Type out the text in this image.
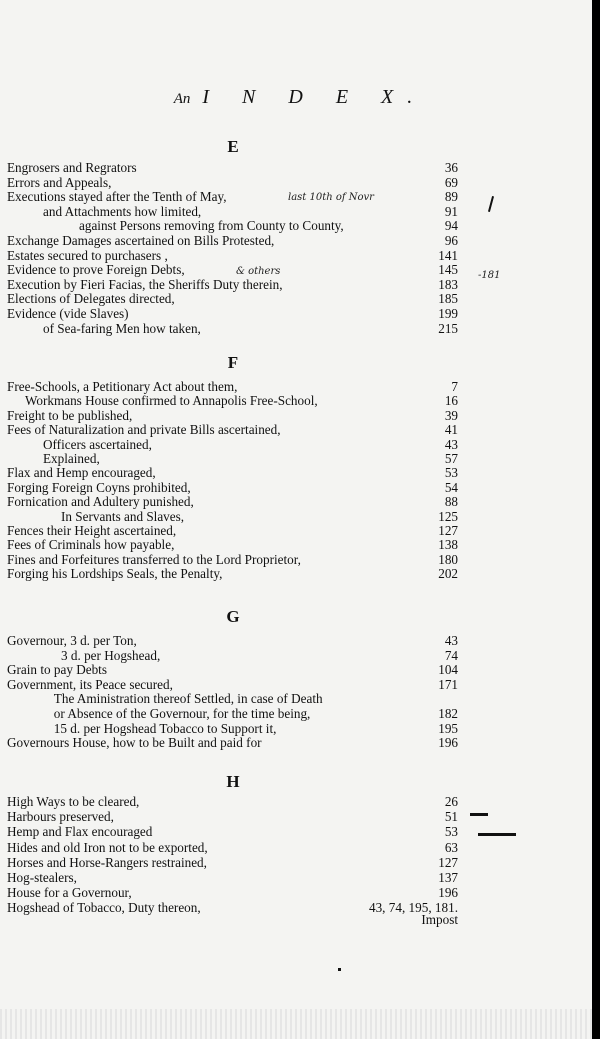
An I N D E X.
E
Engrosers and Regrators	36
Errors and Appeals,	69
Executions stayed after the Tenth of May,	89
and Attachments how limited,	91
against Persons removing from County to County,	94
Exchange Damages ascertained on Bills Protested,	96
Estates secured to purchasers ,	141
Evidence to prove Foreign Debts,	145
Execution by Fieri Facias, the Sheriffs Duty therein,	183
Elections of Delegates directed,	185
Evidence (vide Slaves)	199
of Sea-faring Men how taken,	215
F
Free-Schools, a Petitionary Act about them,	7
Workmans House confirmed to Annapolis Free-School,	16
Freight to be published,	39
Fees of Naturalization and private Bills ascertained,	41
Officers ascertained,	43
Explained,	57
Flax and Hemp encouraged,	53
Forging Foreign Coyns prohibited,	54
Fornication and Adultery punished,	88
In Servants and Slaves,	125
Fences their Height ascertained,	127
Fees of Criminals how payable,	138
Fines and Forfeitures transferred to the Lord Proprietor,	180
Forging his Lordships Seals, the Penalty,	202
G
Governour, 3 d. per Ton,	43
3 d. per Hogshead,	74
Grain to pay Debts	104
Government, its Peace secured,	171
The Aministration thereof Settled, in case of Death
or Absence of the Governour, for the time being,	182
15 d. per Hogshead Tobacco to Support it,	195
Governours House, how to be Built and paid for	196
H
High Ways to be cleared,	26
Harbours preserved,	51
Hemp and Flax encouraged	53
Hides and old Iron not to be exported,	63
Horses and Horse-Rangers restrained,	127
Hog-stealers,	137
House for a Governour,	196
Hogshead of Tobacco, Duty thereon,	43, 74, 195, 181.
Impost
last 10th of Novr
& others	-181
